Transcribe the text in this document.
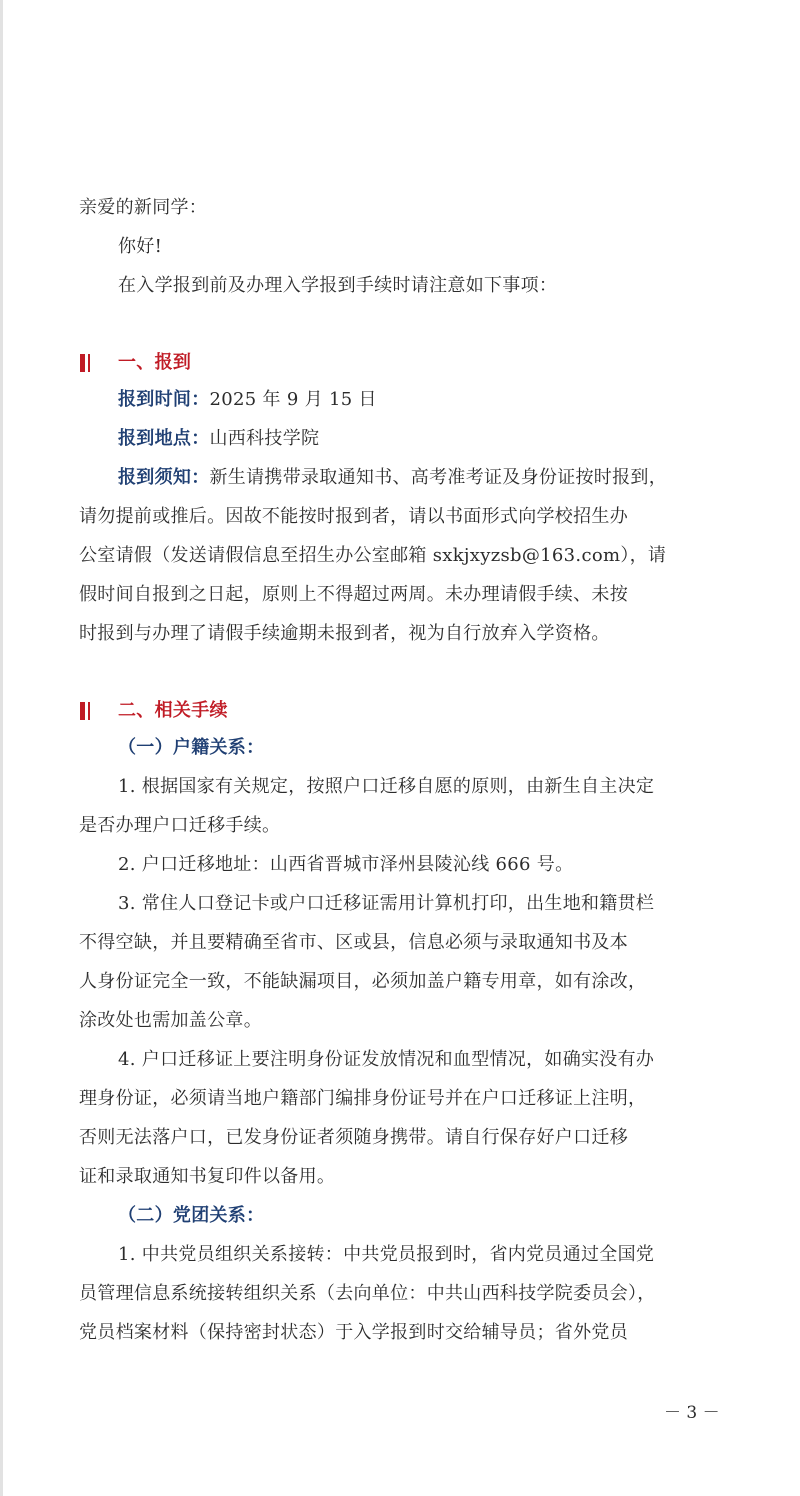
亲爱的新同学：

你好!

在入学报到前及办理入学报到手续时请注意如下事项：

一、报到

报到时间：2025 年 9 月 15 日

报到地点：山西科技学院

报到须知：新生请携带录取通知书、高考准考证及身份证按时报到，

请勿提前或推后。因故不能按时报到者，请以书面形式向学校招生办

公室请假（发送请假信息至招生办公室邮箱 sxkjxyzsb@163.com），请

假时间自报到之日起，原则上不得超过两周。未办理请假手续、未按

时报到与办理了请假手续逾期未报到者，视为自行放弃入学资格。

二、相关手续

（一）户籍关系：

1. 根据国家有关规定，按照户口迁移自愿的原则，由新生自主决定

是否办理户口迁移手续。

2. 户口迁移地址：山西省晋城市泽州县陵沁线 666 号。

3. 常住人口登记卡或户口迁移证需用计算机打印，出生地和籍贯栏

不得空缺，并且要精确至省市、区或县，信息必须与录取通知书及本

人身份证完全一致，不能缺漏项目，必须加盖户籍专用章，如有涂改，

涂改处也需加盖公章。

4. 户口迁移证上要注明身份证发放情况和血型情况，如确实没有办

理身份证，必须请当地户籍部门编排身份证号并在户口迁移证上注明，

否则无法落户口，已发身份证者须随身携带。请自行保存好户口迁移

证和录取通知书复印件以备用。

（二）党团关系：

1. 中共党员组织关系接转：中共党员报到时，省内党员通过全国党

员管理信息系统接转组织关系（去向单位：中共山西科技学院委员会），

党员档案材料（保持密封状态）于入学报到时交给辅导员；省外党员

－ 3 －
